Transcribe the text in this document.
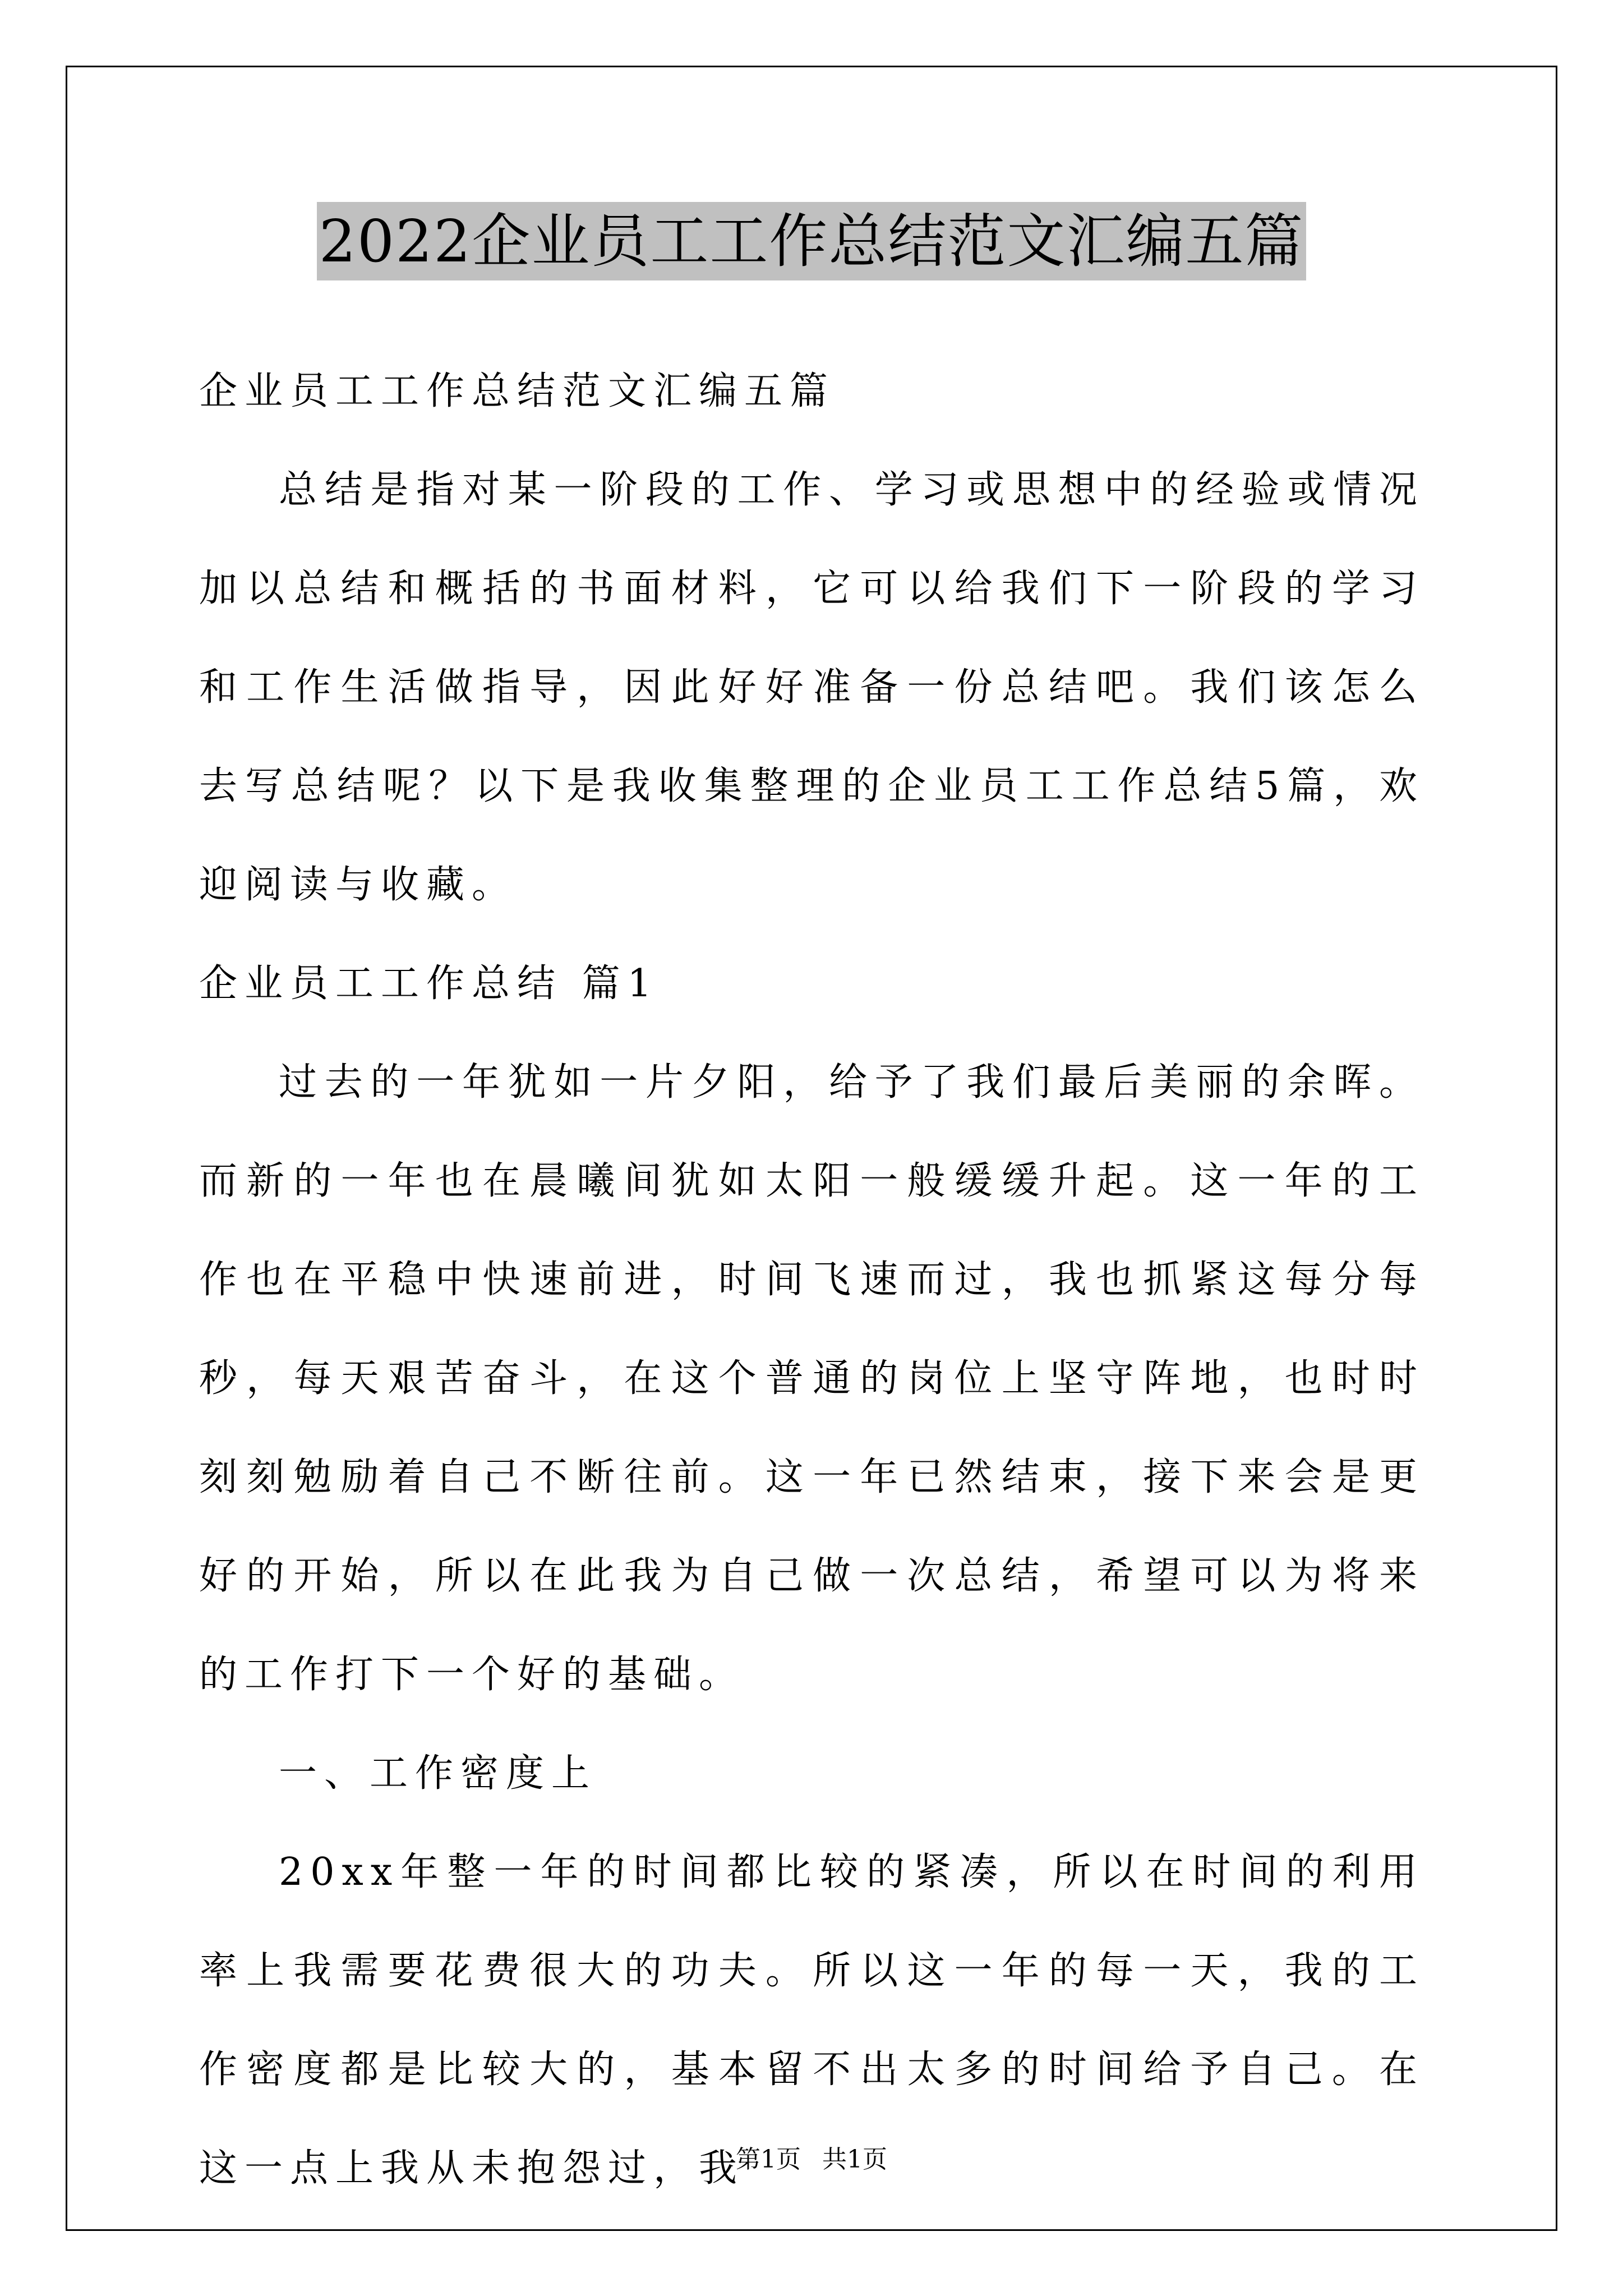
2022企业员工工作总结范文汇编五篇

企业员工工作总结范文汇编五篇

总结是指对某一阶段的工作、学习或思想中的经验或情况加以总结和概括的书面材料，它可以给我们下一阶段的学习和工作生活做指导，因此好好准备一份总结吧。我们该怎么去写总结呢？以下是我收集整理的企业员工工作总结5篇，欢迎阅读与收藏。

企业员工工作总结 篇1

过去的一年犹如一片夕阳，给予了我们最后美丽的余晖。而新的一年也在晨曦间犹如太阳一般缓缓升起。这一年的工作也在平稳中快速前进，时间飞速而过，我也抓紧这每分每秒，每天艰苦奋斗，在这个普通的岗位上坚守阵地，也时时刻刻勉励着自己不断往前。这一年已然结束，接下来会是更好的开始，所以在此我为自己做一次总结，希望可以为将来的工作打下一个好的基础。

一、工作密度上

20xx年整一年的时间都比较的紧凑，所以在时间的利用率上我需要花费很大的功夫。所以这一年的每一天，我的工作密度都是比较大的，基本留不出太多的时间给予自己。在这一点上我从未抱怨过，我

第1页 共1页
